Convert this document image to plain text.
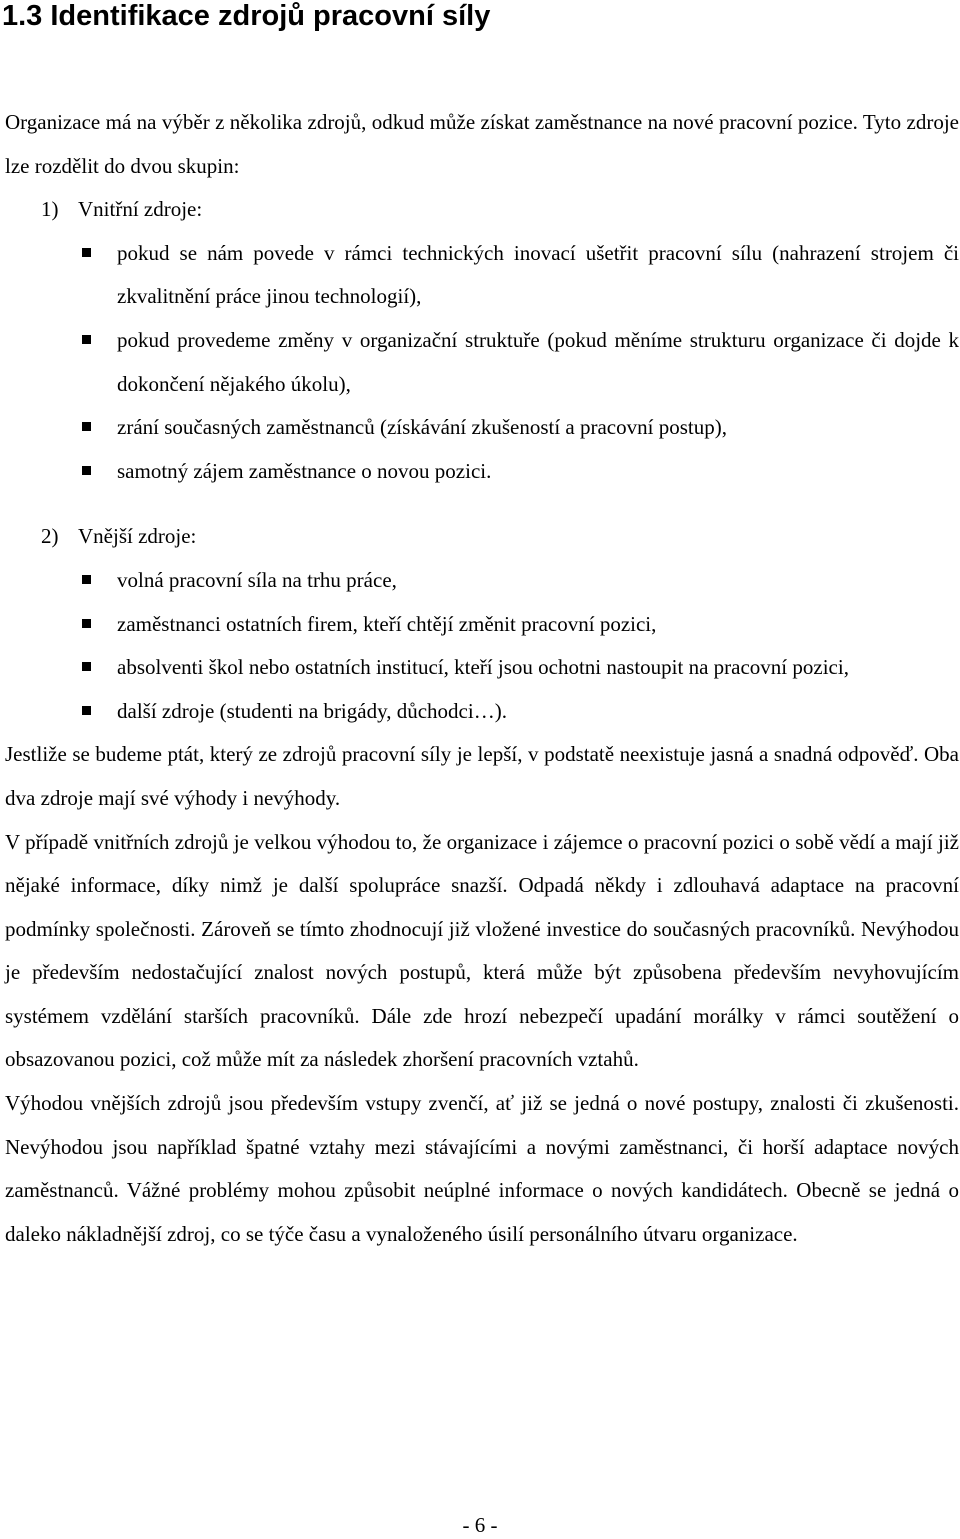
1.3 Identifikace zdrojů pracovní síly

Organizace má na výběr z několika zdrojů, odkud může získat zaměstnance na nové pracovní pozice. Tyto zdroje lze rozdělit do dvou skupin:

1) Vnitřní zdroje:

pokud se nám povede v rámci technických inovací ušetřit pracovní sílu (nahrazení strojem či zkvalitnění práce jinou technologií),

pokud provedeme změny v organizační struktuře (pokud měníme strukturu organizace či dojde k dokončení nějakého úkolu),

zrání současných zaměstnanců (získávání zkušeností a pracovní postup),

samotný zájem zaměstnance o novou pozici.

2) Vnější zdroje:

volná pracovní síla na trhu práce,

zaměstnanci ostatních firem, kteří chtějí změnit pracovní pozici,

absolventi škol nebo ostatních institucí, kteří jsou ochotni nastoupit na pracovní pozici,

další zdroje (studenti na brigády, důchodci…).

Jestliže se budeme ptát, který ze zdrojů pracovní síly je lepší, v podstatě neexistuje jasná a snadná odpověď. Oba dva zdroje mají své výhody i nevýhody.

V případě vnitřních zdrojů je velkou výhodou to, že organizace i zájemce o pracovní pozici o sobě vědí a mají již nějaké informace, díky nimž je další spolupráce snazší. Odpadá někdy i zdlouhavá adaptace na pracovní podmínky společnosti. Zároveň se tímto zhodnocují již vložené investice do současných pracovníků. Nevýhodou je především nedostačující znalost nových postupů, která může být způsobena především nevyhovujícím systémem vzdělání starších pracovníků. Dále zde hrozí nebezpečí upadání morálky v rámci soutěžení o obsazovanou pozici, což může mít za následek zhoršení pracovních vztahů.

Výhodou vnějších zdrojů jsou především vstupy zvenčí, ať již se jedná o nové postupy, znalosti či zkušenosti. Nevýhodou jsou například špatné vztahy mezi stávajícími a novými zaměstnanci, či horší adaptace nových zaměstnanců. Vážné problémy mohou způsobit neúplné informace o nových kandidátech. Obecně se jedná o daleko nákladnější zdroj, co se týče času a vynaloženého úsilí personálního útvaru organizace.

- 6 -
